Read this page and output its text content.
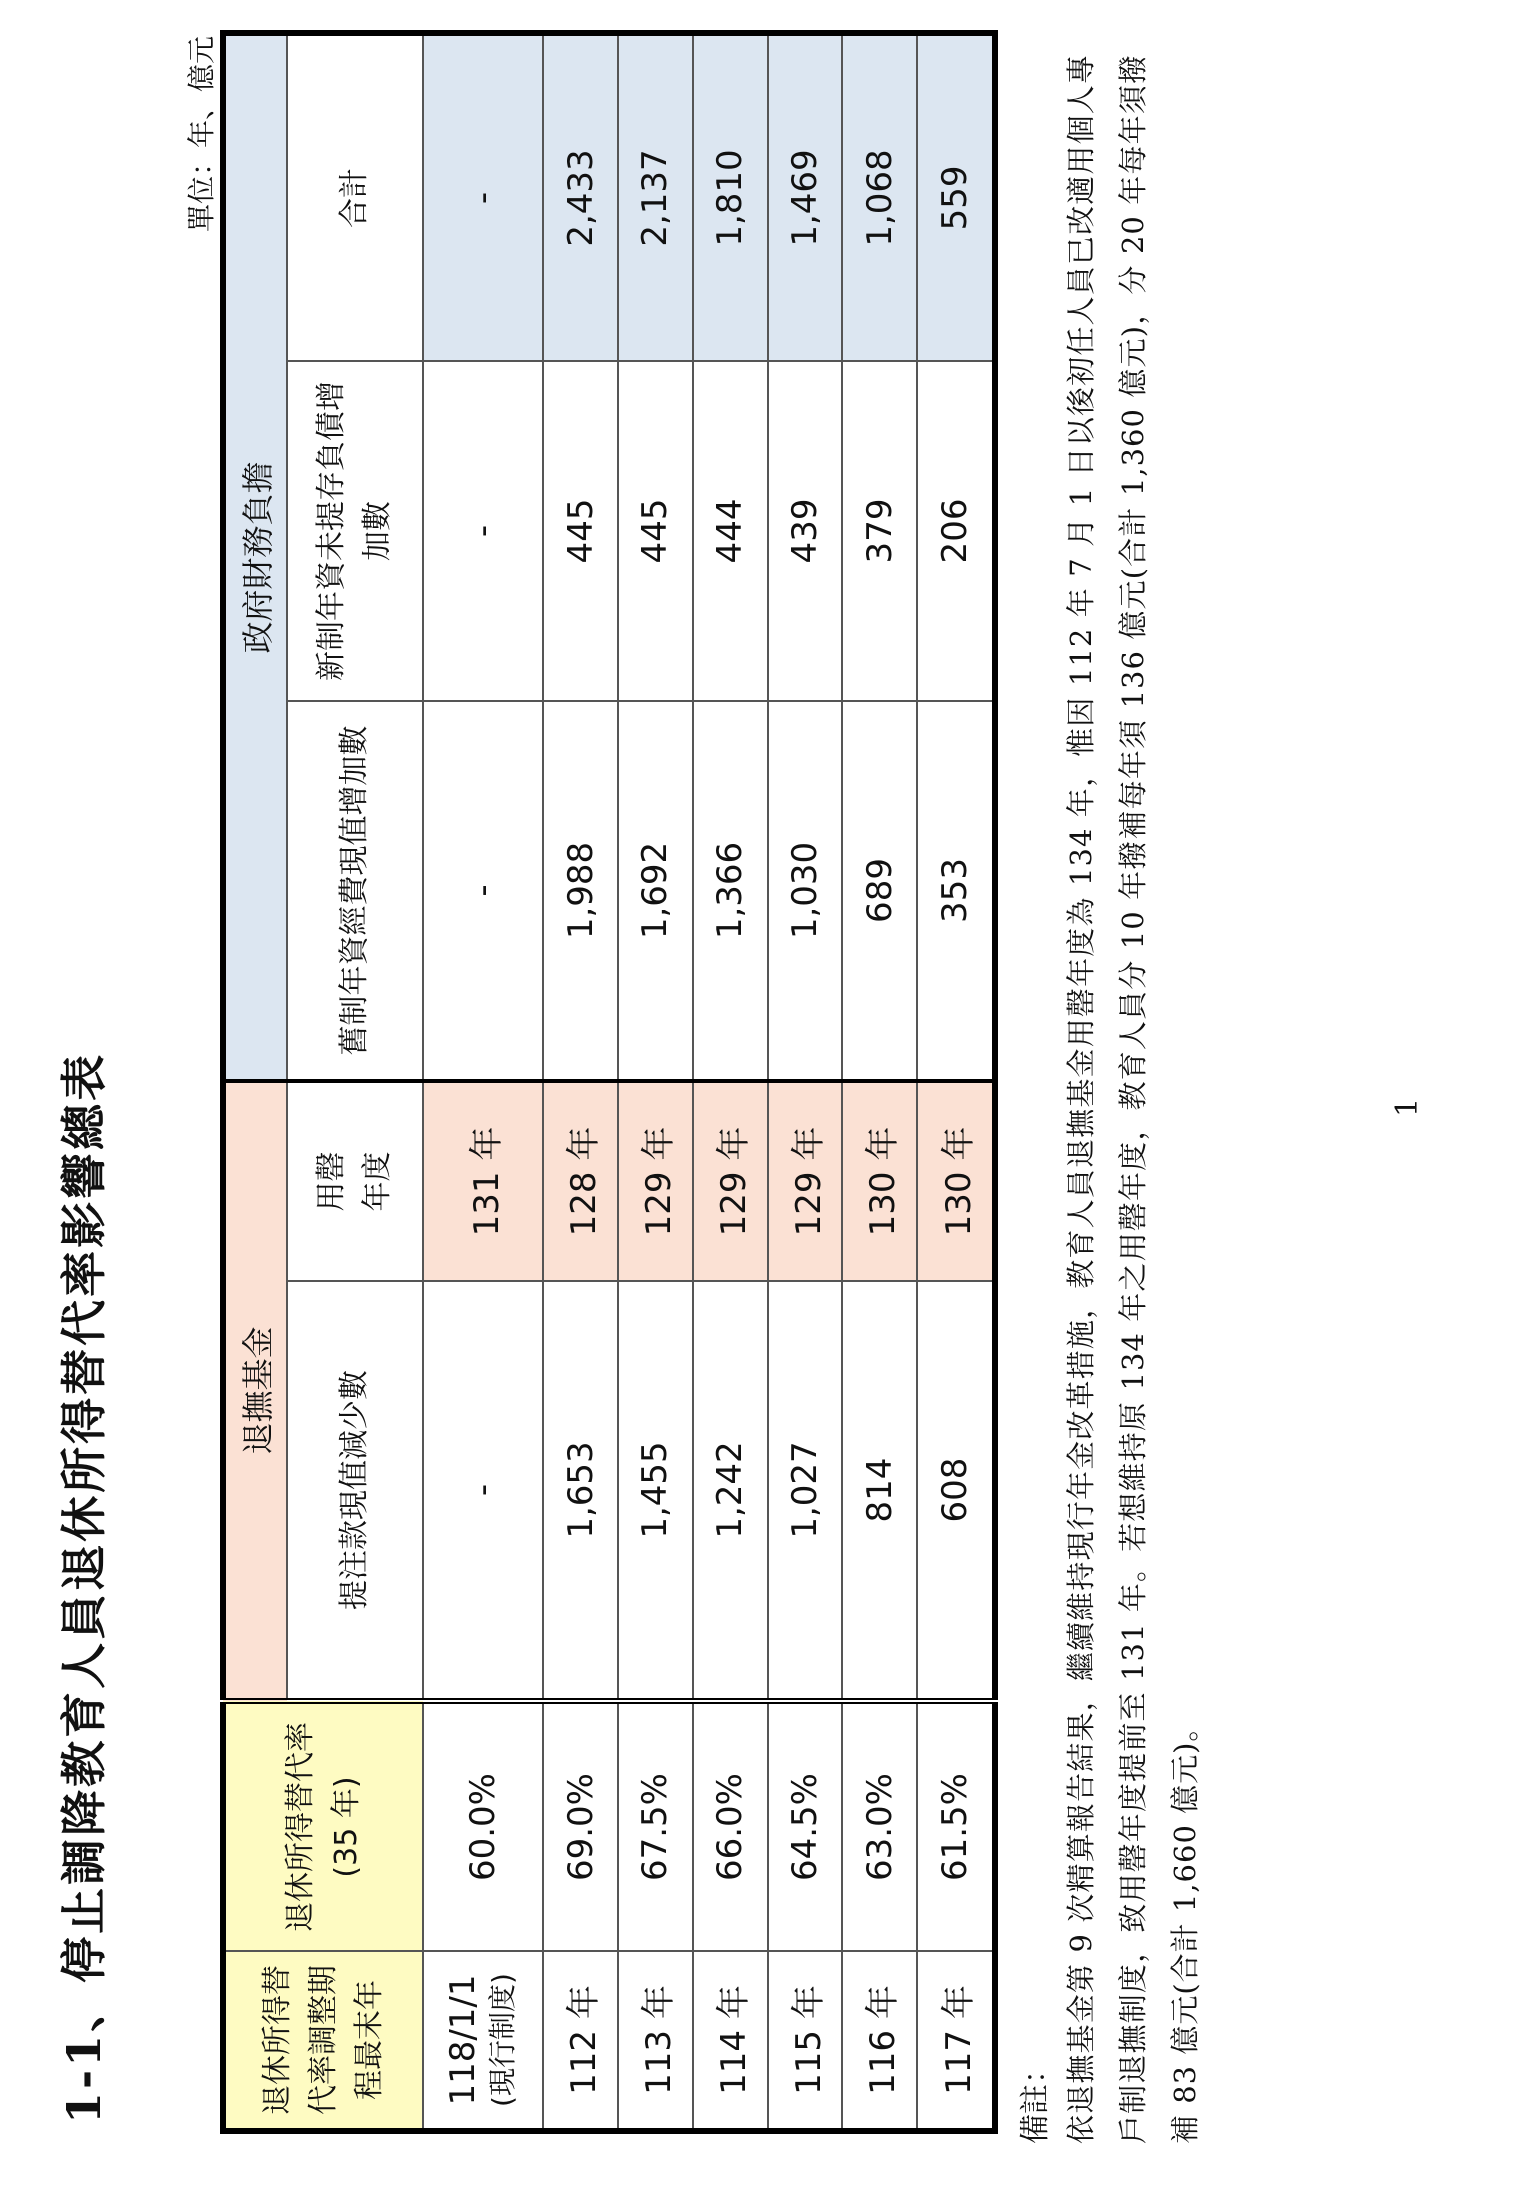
1-1、停止調降教育人員退休所得替代率影響總表
單位：年、億元
退休所得替代率調整期程最末年	退休所得替代率 (35 年)	退撫基金		政府財務負擔		
		提注款現值減少數	用罄 年度	舊制年資經費現值增加數	新制年資未提存負債增加數	合計

118/1/1 (現行制度)	60.0%	-	131 年	-	-	-
112 年	69.0%	1,653	128 年	1,988	445	2,433
113 年	67.5%	1,455	129 年	1,692	445	2,137
114 年	66.0%	1,242	129 年	1,366	444	1,810
115 年	64.5%	1,027	129 年	1,030	439	1,469
116 年	63.0%	814	130 年	689	379	1,068
117 年	61.5%	608	130 年	353	206	559
備註： 依退撫基金第 9 次精算報告結果，繼續維持現行年金改革措施，教育人員退撫基金用罄年度為 134 年，惟因 112 年 7 月 1 日以後初任人員已改適用個人專戶制退撫制度，致用罄年度提前至 131 年。若想維持原 134 年之用罄年度，教育人員分 10 年撥補每年須 136 億元(合計 1,360 億元)，分 20 年每年須撥補 83 億元(合計 1,660 億元)。
1
